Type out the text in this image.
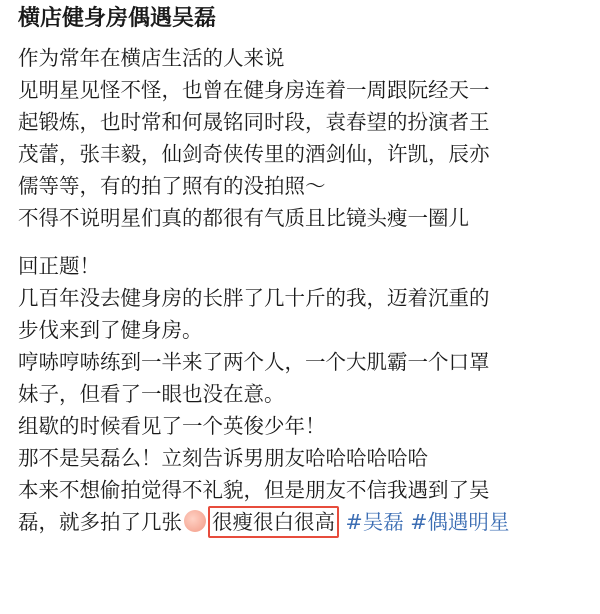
横店健身房偶遇吴磊
作为常年在横店生活的人来说
见明星见怪不怪，也曾在健身房连着一周跟阮经天一
起锻炼，也时常和何晟铭同时段，袁春望的扮演者王
茂蕾，张丰毅，仙剑奇侠传里的酒剑仙，许凯，辰亦
儒等等，有的拍了照有的没拍照～
不得不说明星们真的都很有气质且比镜头瘦一圈儿
回正题！
几百年没去健身房的长胖了几十斤的我，迈着沉重的
步伐来到了健身房。
哼哧哼哧练到一半来了两个人，一个大肌霸一个口罩
妹子，但看了一眼也没在意。
组歇的时候看见了一个英俊少年！
那不是吴磊么！立刻告诉男朋友哈哈哈哈哈哈
本来不想偷拍觉得不礼貌，但是朋友不信我遇到了吴
磊，就多拍了几张 很瘦很白很高 #吴磊 #偶遇明星
